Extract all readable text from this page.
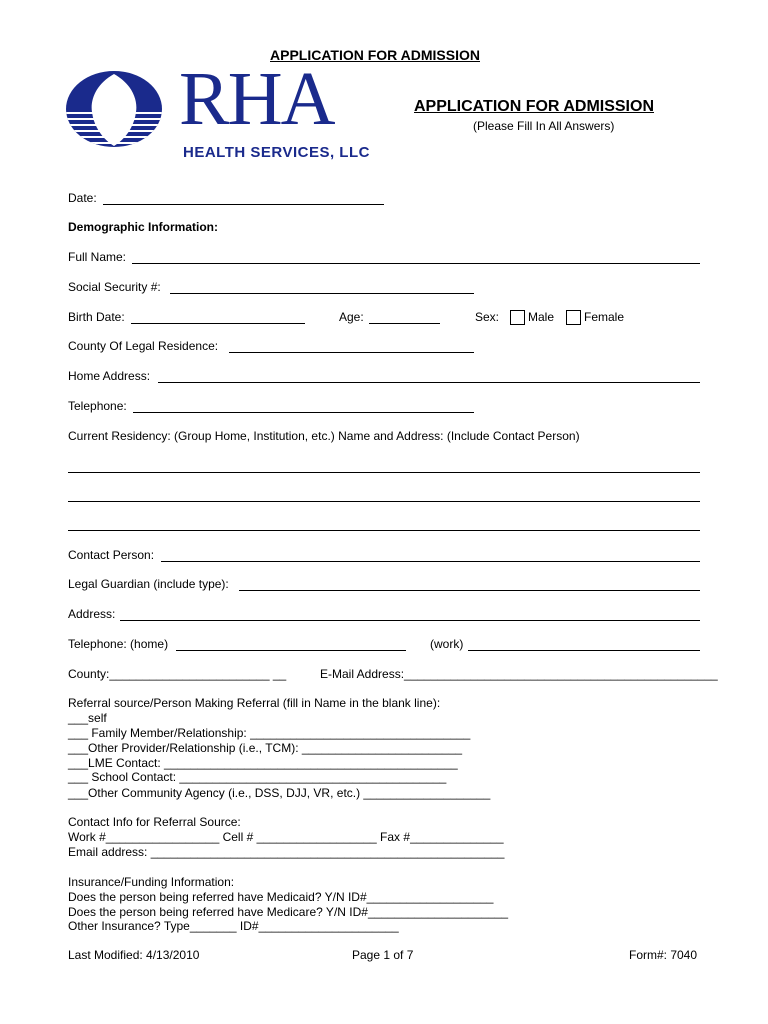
APPLICATION FOR ADMISSION
RHA
HEALTH SERVICES, LLC
APPLICATION FOR ADMISSION
(Please Fill In All Answers)
Date:
Demographic Information:
Full Name:
Social Security #:
Birth Date:	Age:	Sex: Male Female
County Of Legal Residence:
Home Address:
Telephone:
Current Residency: (Group Home, Institution, etc.) Name and Address: (Include Contact Person)
Contact Person:
Legal Guardian (include type):
Address:
Telephone: (home)	(work)
County:________________________ __	E-Mail Address:_______________________________________________
Referral source/Person Making Referral (fill in Name in the blank line):
___self
___ Family Member/Relationship: _________________________________
___Other Provider/Relationship (i.e., TCM): ________________________
___LME Contact: ____________________________________________
___ School Contact: ________________________________________
___Other Community Agency (i.e., DSS, DJJ, VR, etc.) ___________________
Contact Info for Referral Source:
Work #_________________ Cell # __________________ Fax #______________
Email address: _____________________________________________________
Insurance/Funding Information:
Does the person being referred have Medicaid? Y/N ID#___________________
Does the person being referred have Medicare? Y/N ID#_____________________
Other Insurance? Type_______ ID#_____________________
Last Modified: 4/13/2010	Page 1 of 7	Form#: 7040
